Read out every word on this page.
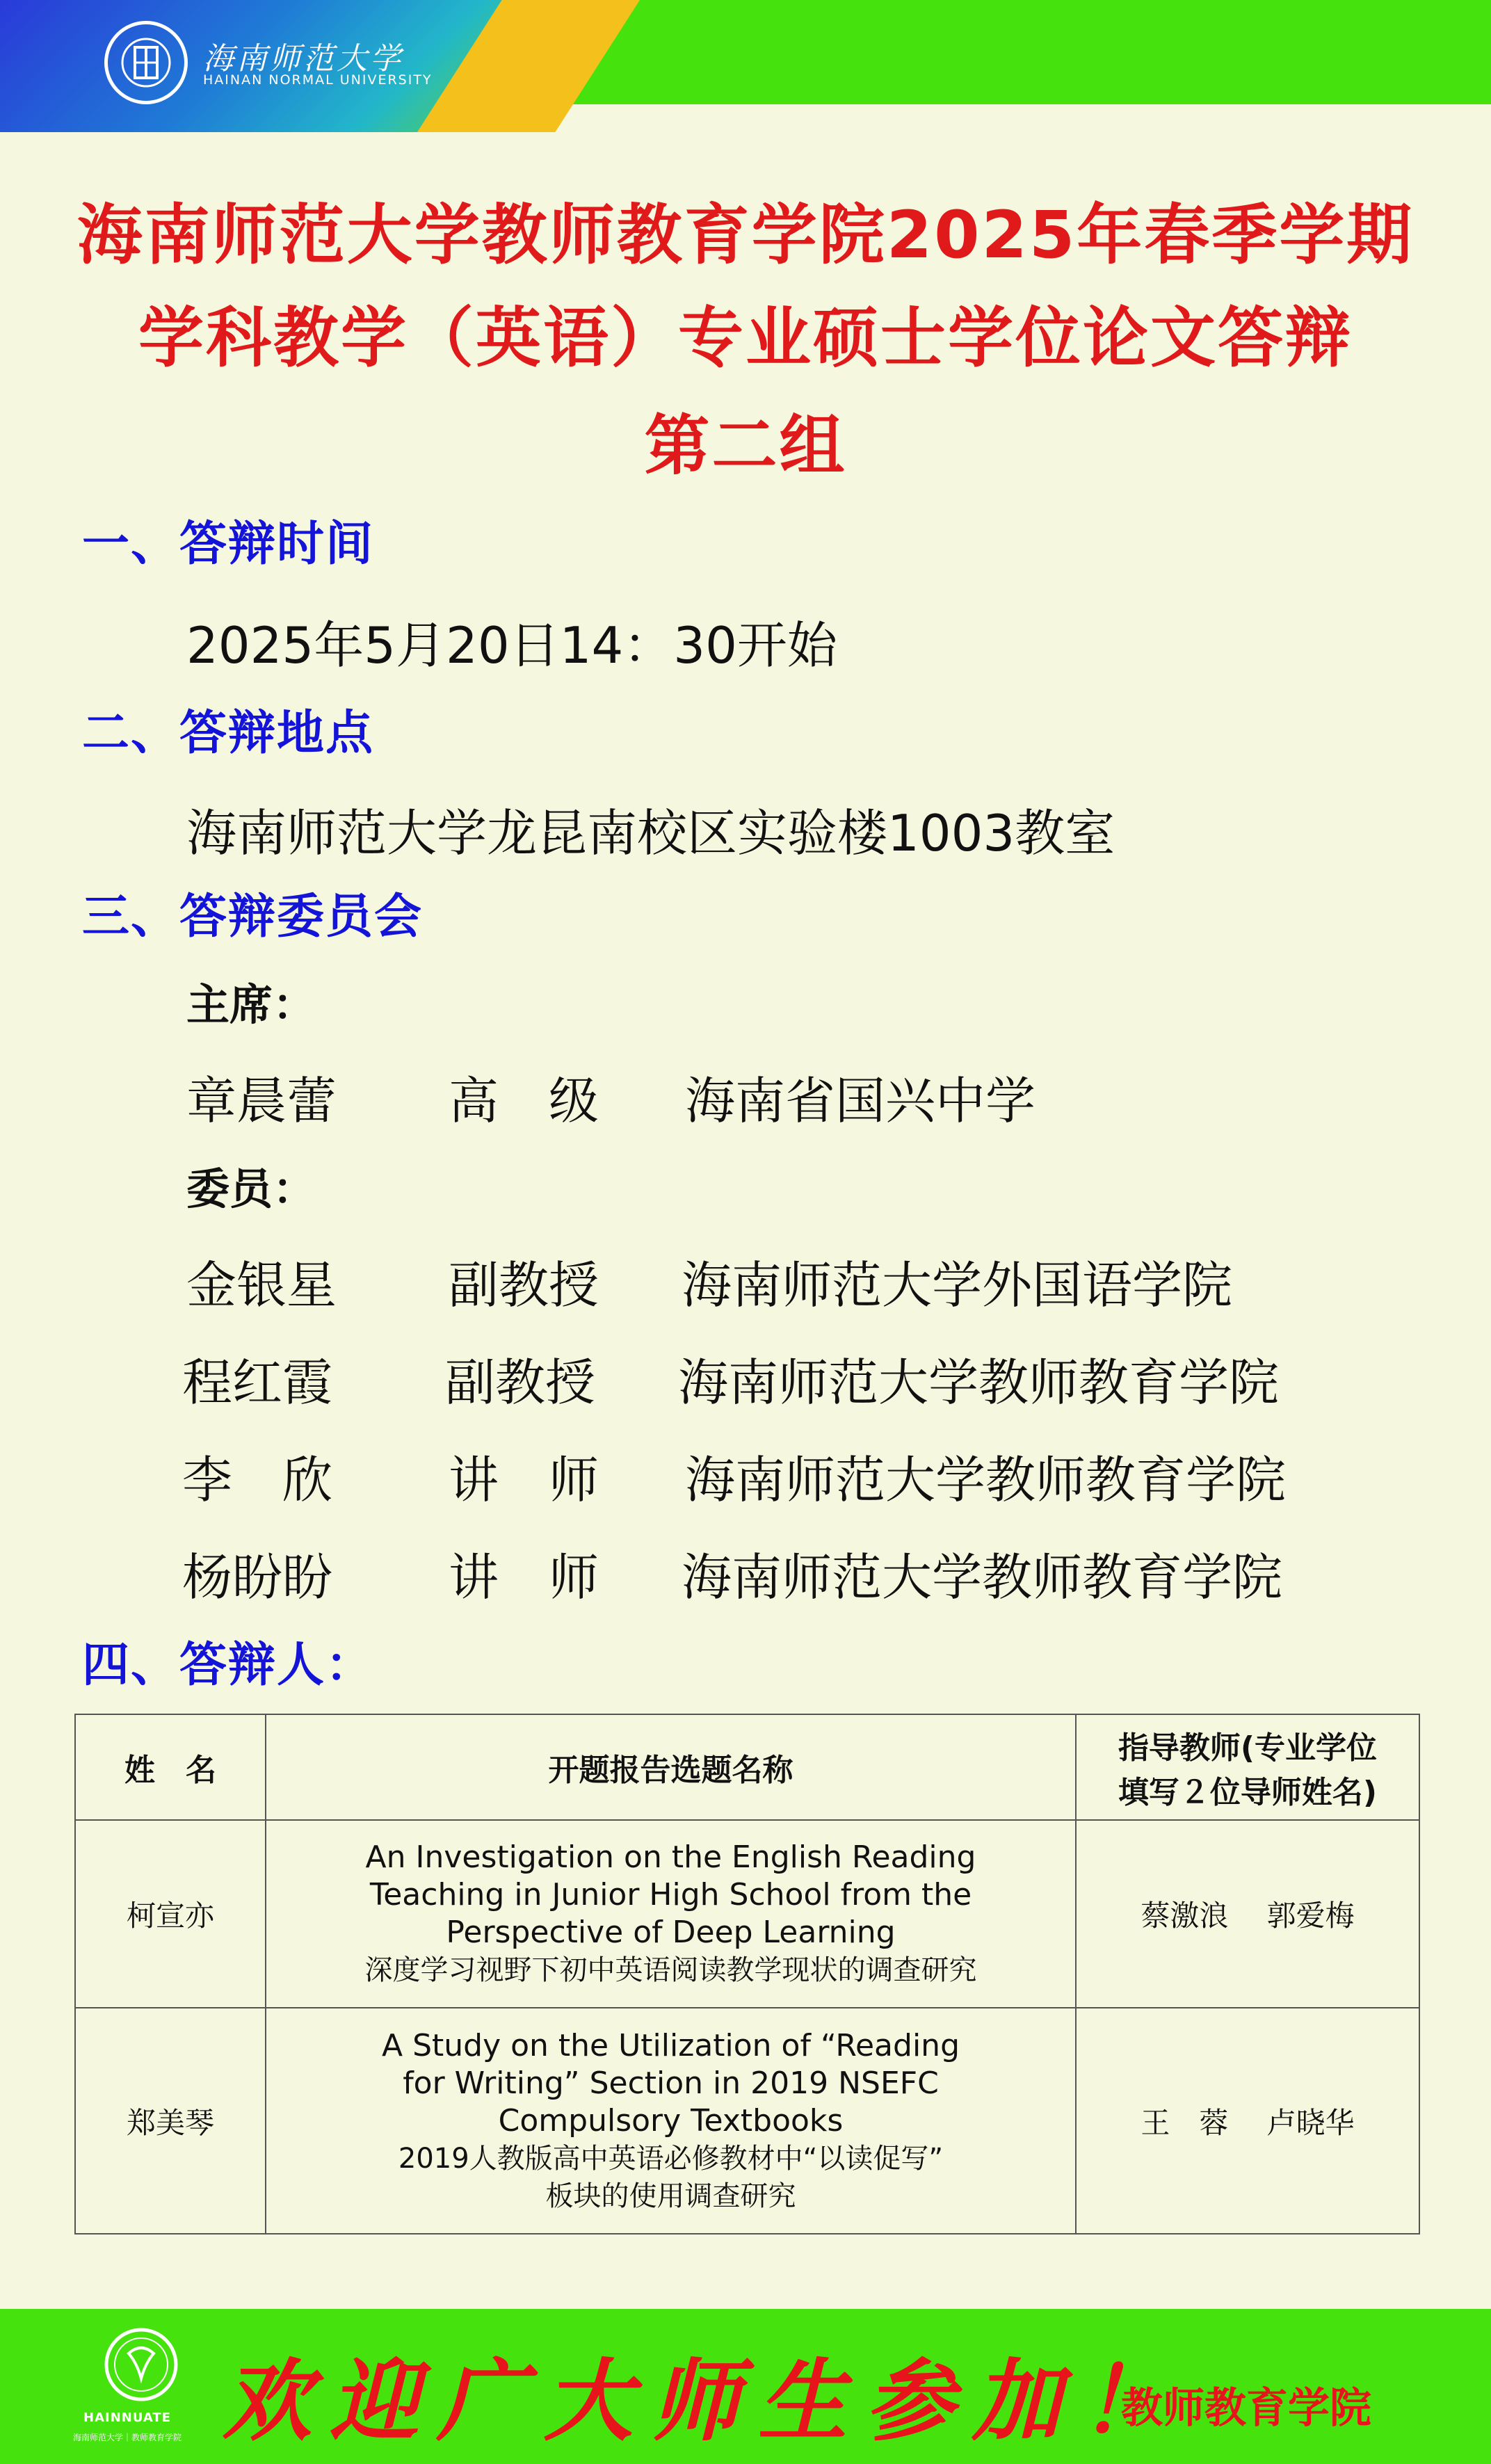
海南师范大学
HAINAN NORMAL UNIVERSITY
海南师范大学教师教育学院2025年春季学期
学科教学（英语）专业硕士学位论文答辩
第二组
一、答辩时间
2025年5月20日14：30开始
二、答辩地点
海南师范大学龙昆南校区实验楼1003教室
三、答辩委员会
主席：
章晨蕾 高　级 海南省国兴中学
委员：
金银星 副教授 海南师范大学外国语学院
程红霞 副教授 海南师范大学教师教育学院
李　欣 讲　师 海南师范大学教师教育学院
杨盼盼 讲　师 海南师范大学教师教育学院
四、答辩人：
姓　名	开题报告选题名称	指导教师(专业学位
填写２位导师姓名)

柯宣亦	An Investigation on the English Reading
Teaching in Junior High School from the
Perspective of Deep Learning
深度学习视野下初中英语阅读教学现状的调查研究	蔡激浪　 郭爱梅
郑美琴	A Study on the Utilization of “Reading
for Writing” Section in 2019 NSEFC
Compulsory Textbooks
2019人教版高中英语必修教材中“以读促写”
板块的使用调查研究	王　蓉　 卢晓华
HAINNUATE
海南师范大学｜教师教育学院 欢迎广大师生参加！
教师教育学院
